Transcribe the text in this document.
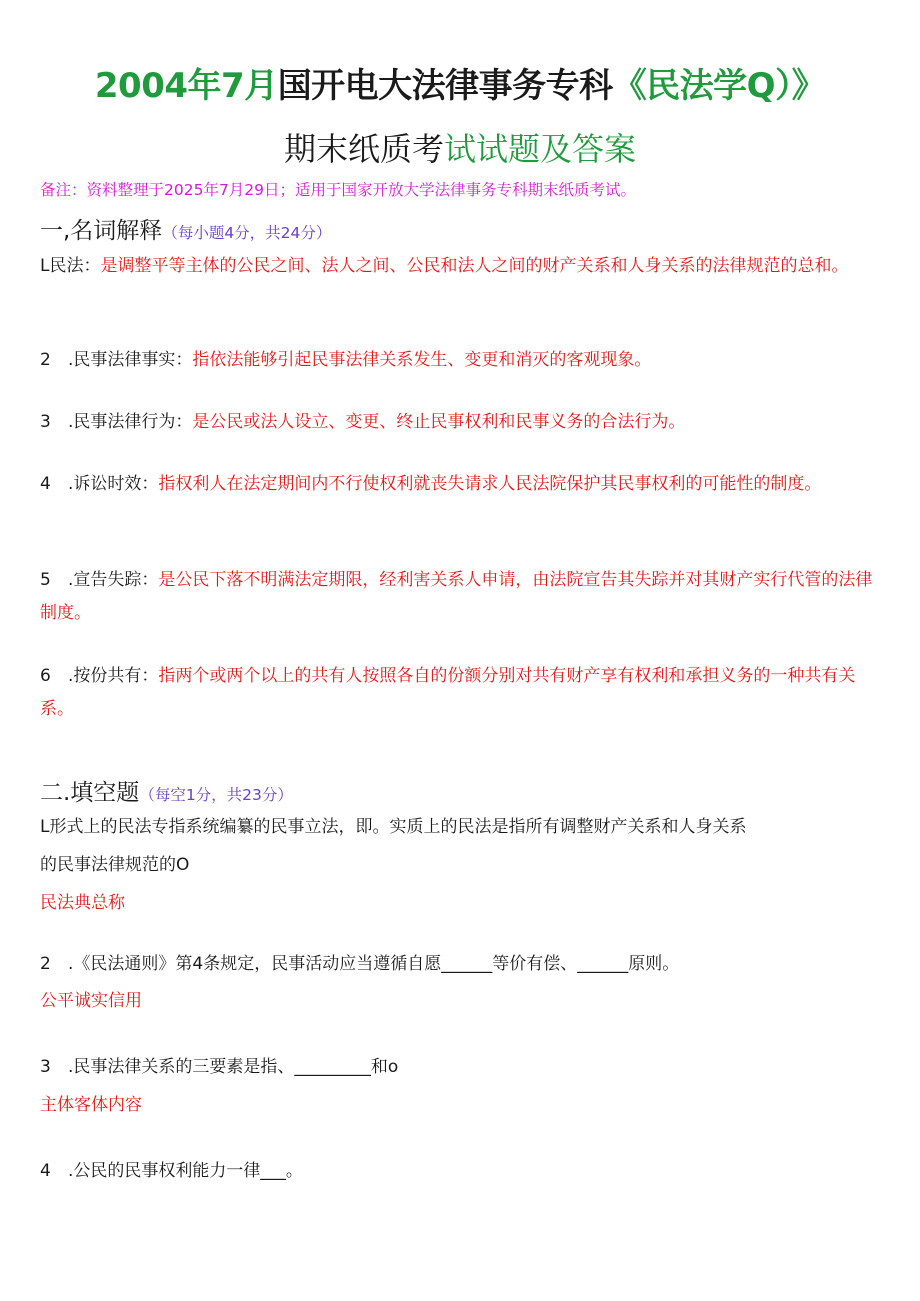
2004年7月国开电大法律事务专科《民法学Q）》
期末纸质考试试题及答案
备注：资料整理于2025年7月29日；适用于国家开放大学法律事务专科期末纸质考试。
一,名词解释（每小题4分，共24分）
L民法：是调整平等主体的公民之间、法人之间、公民和法人之间的财产关系和人身关系的法律规范的总和。
2 .民事法律事实：指依法能够引起民事法律关系发生、变更和消灭的客观现象。
3 .民事法律行为：是公民或法人设立、变更、终止民事权利和民事义务的合法行为。
4 .诉讼时效：指权利人在法定期间内不行使权利就丧失请求人民法院保护其民事权利的可能性的制度。
5 .宣告失踪：是公民下落不明满法定期限，经利害关系人申请，由法院宣告其失踪并对其财产实行代管的法律制度。
6 .按份共有：指两个或两个以上的共有人按照各自的份额分别对共有财产享有权利和承担义务的一种共有关系。
二.填空题（每空1分，共23分）
L形式上的民法专指系统编纂的民事立法，即。实质上的民法是指所有调整财产关系和人身关系
的民事法律规范的O
民法典总称
2 .《民法通则》第4条规定，民事活动应当遵循自愿______等价有偿、______原则。
公平诚实信用
3 .民事法律关系的三要素是指、_________和o
主体客体内容
4 .公民的民事权利能力一律___。
